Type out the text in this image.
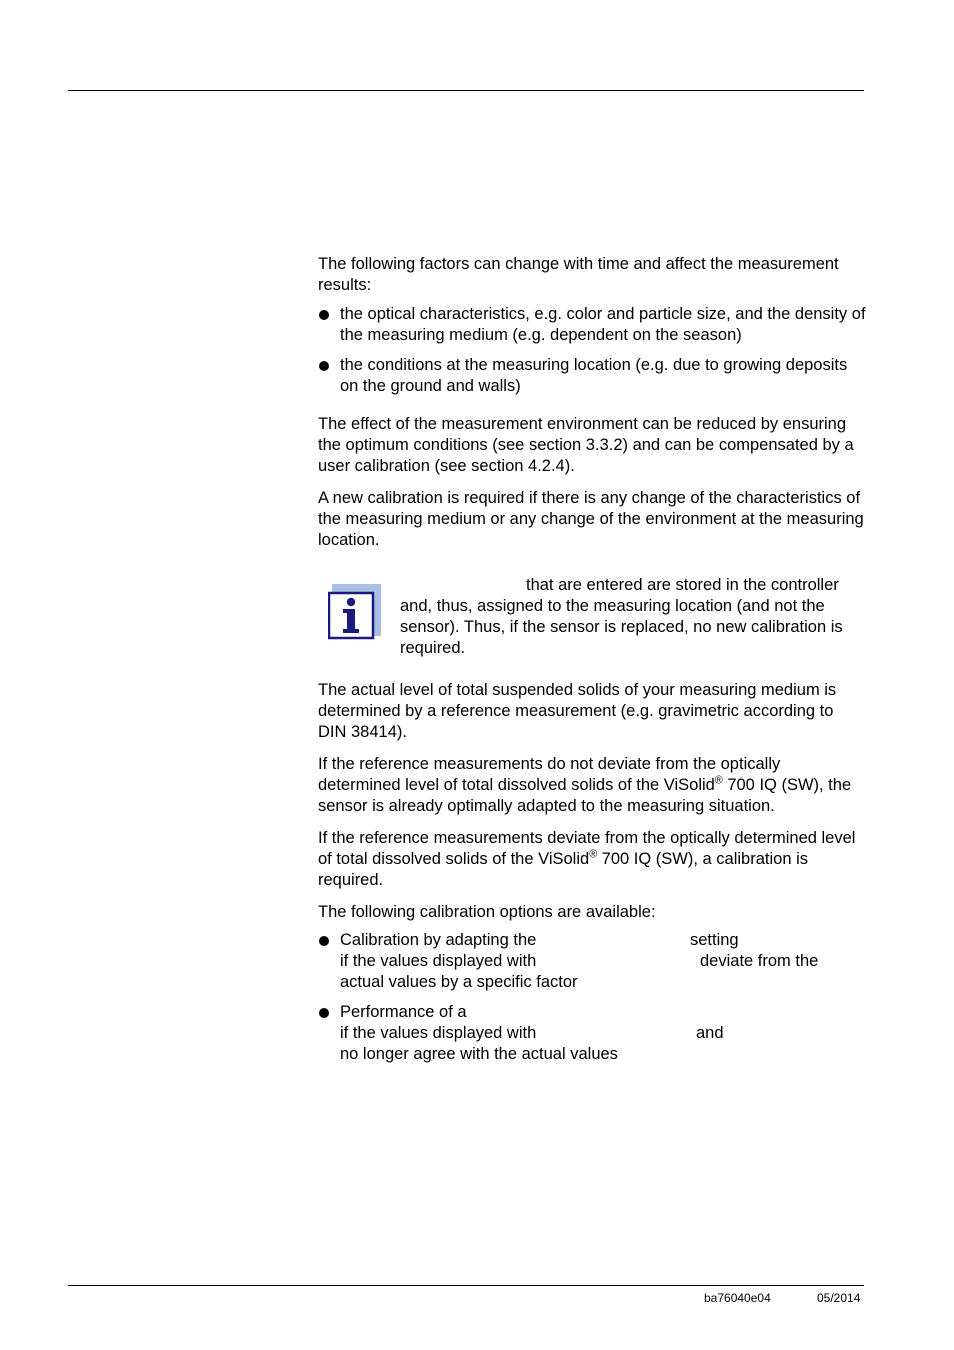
The following factors can change with time and affect the measurement results:

the optical characteristics, e.g. color and particle size, and the density of the measuring medium (e.g. dependent on the season)
the conditions at the measuring location (e.g. due to growing deposits on the ground and walls)

The effect of the measurement environment can be reduced by ensuring the optimum conditions (see section 3.3.2) and can be compensated by a user calibration (see section 4.2.4).

A new calibration is required if there is any change of the characteristics of the measuring medium or any change of the environment at the measuring location.

that are entered are stored in the controller
and, thus, assigned to the measuring location (and not the sensor). Thus, if the sensor is replaced, no new calibration is required.

The actual level of total suspended solids of your measuring medium is determined by a reference measurement (e.g. gravimetric according to DIN 38414).

If the reference measurements do not deviate from the optically determined level of total dissolved solids of the ViSolid® 700 IQ (SW), the sensor is already optimally adapted to the measuring situation.

If the reference measurements deviate from the optically determined level of total dissolved solids of the ViSolid® 700 IQ (SW), a calibration is required.

The following calibration options are available:

Calibration by adapting the	setting
if the values displayed with	deviate from the
actual values by a specific factor
Performance of a
if the values displayed with	and
no longer agree with the actual values
ba76040e04	05/2014
